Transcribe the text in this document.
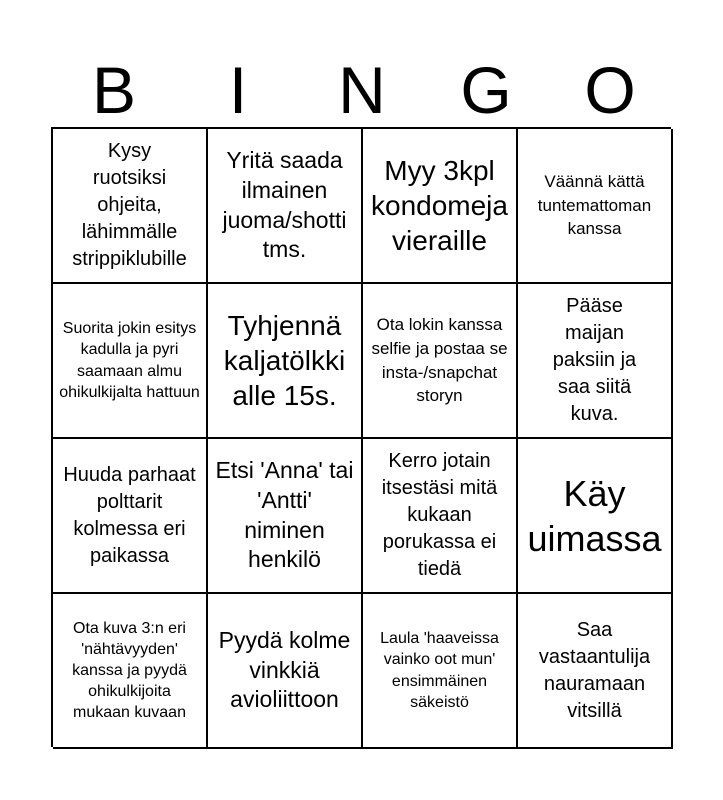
B	I	N	G	O
Kysy ruotsiksi ohjeita, lähimmälle strippiklubille
Yritä saada ilmainen juoma/shotti tms.
Myy 3kpl kondomeja vieraille
Väännä kättä tuntemattoman kanssa
Suorita jokin esitys kadulla ja pyri saamaan almu ohikulkijalta hattuun
Tyhjennä kaljatölkki alle 15s.
Ota lokin kanssa selfie ja postaa se insta-/snapchat storyn
Pääse maijan paksiin ja saa siitä kuva.
Huuda parhaat polttarit kolmessa eri paikassa
Etsi 'Anna' tai 'Antti' niminen henkilö
Kerro jotain itsestäsi mitä kukaan porukassa ei tiedä
Käy uimassa
Ota kuva 3:n eri 'nähtävyyden' kanssa ja pyydä ohikulkijoita mukaan kuvaan
Pyydä kolme vinkkiä avioliittoon
Laula 'haaveissa vainko oot mun' ensimmäinen säkeistö
Saa vastaantulija nauramaan vitsillä
